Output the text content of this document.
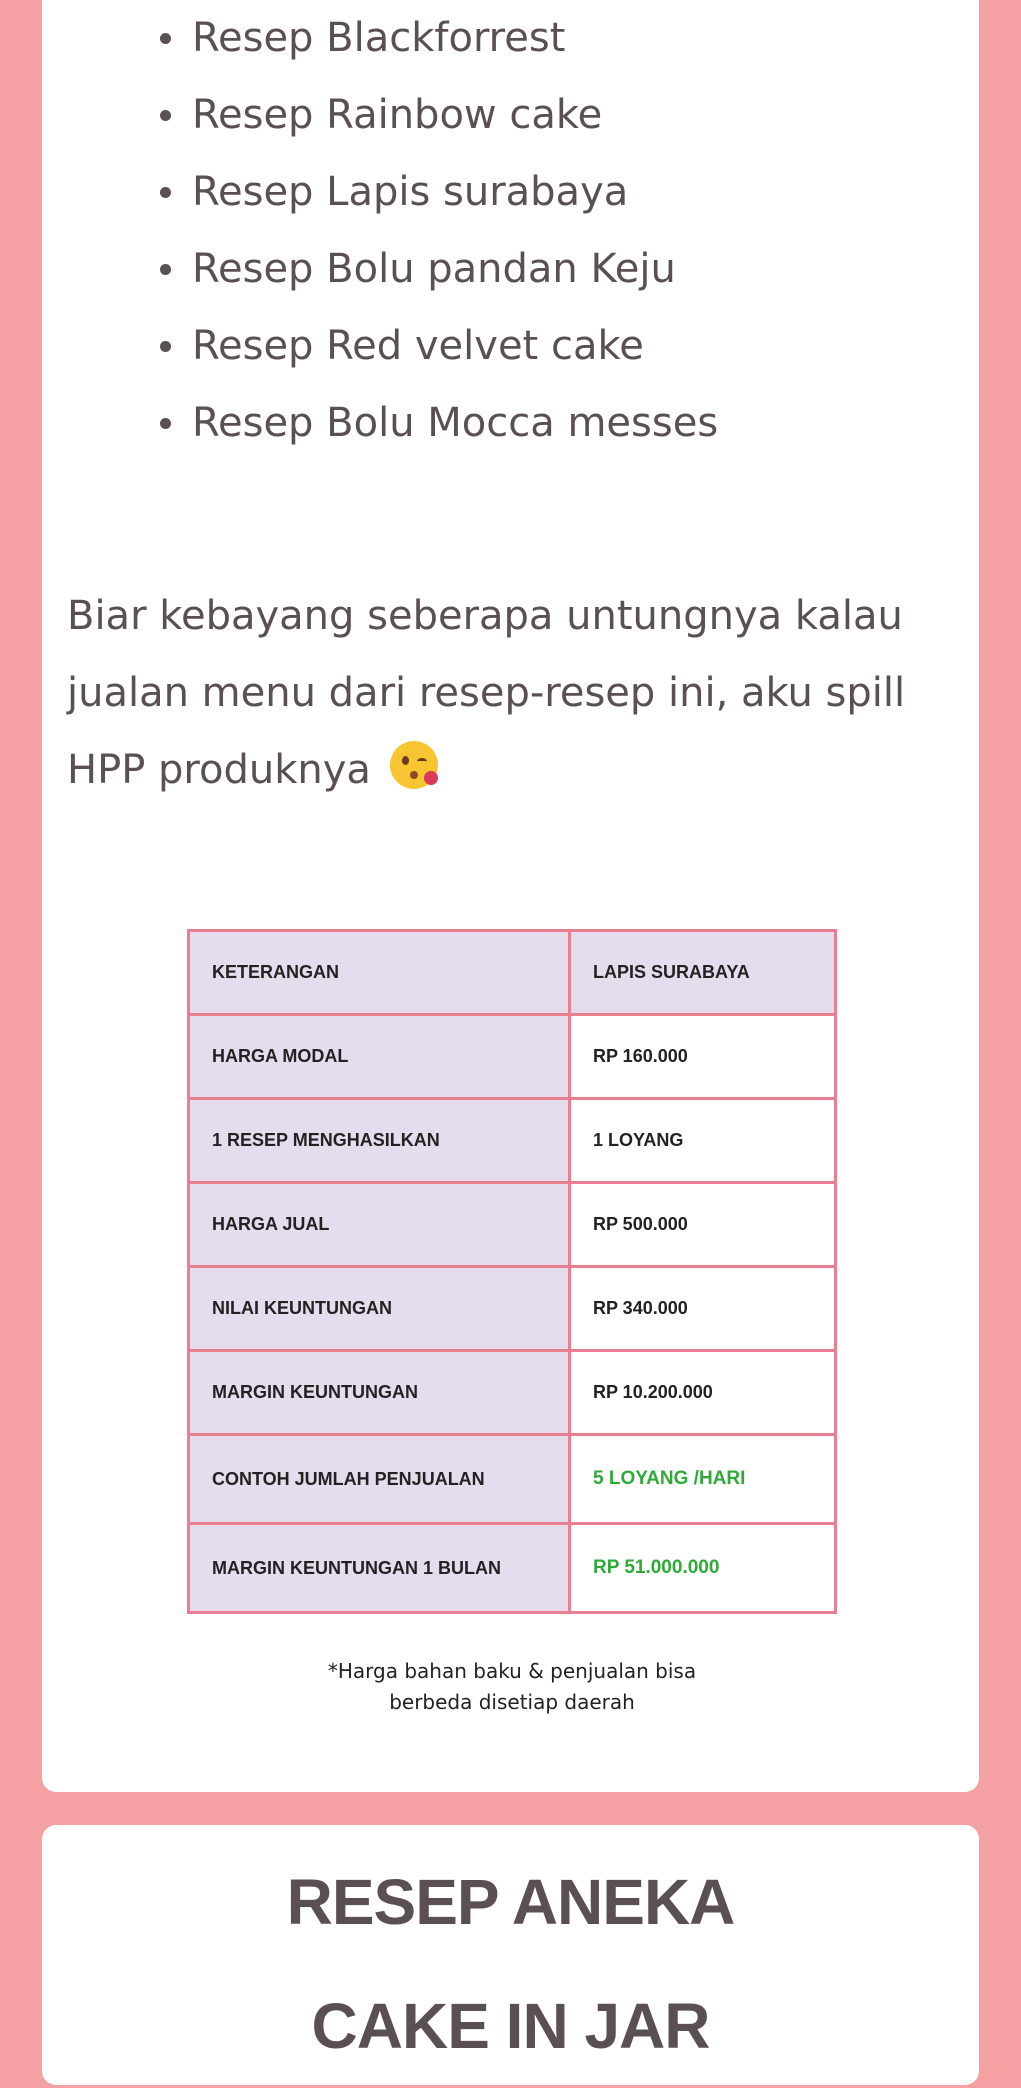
Resep Blackforrest
Resep Rainbow cake
Resep Lapis surabaya
Resep Bolu pandan Keju
Resep Red velvet cake
Resep Bolu Mocca messes

Biar kebayang seberapa untungnya kalau jualan menu dari resep-resep ini, aku spill HPP produknya

KETERANGAN	LAPIS SURABAYA
HARGA MODAL	RP 160.000
1 RESEP MENGHASILKAN	1 LOYANG
HARGA JUAL	RP 500.000
NILAI KEUNTUNGAN	RP 340.000
MARGIN KEUNTUNGAN	RP 10.200.000
CONTOH JUMLAH PENJUALAN	5 LOYANG /HARI
MARGIN KEUNTUNGAN 1 BULAN	RP 51.000.000

*Harga bahan baku & penjualan bisa
berbeda disetiap daerah

RESEP ANEKA
CAKE IN JAR
